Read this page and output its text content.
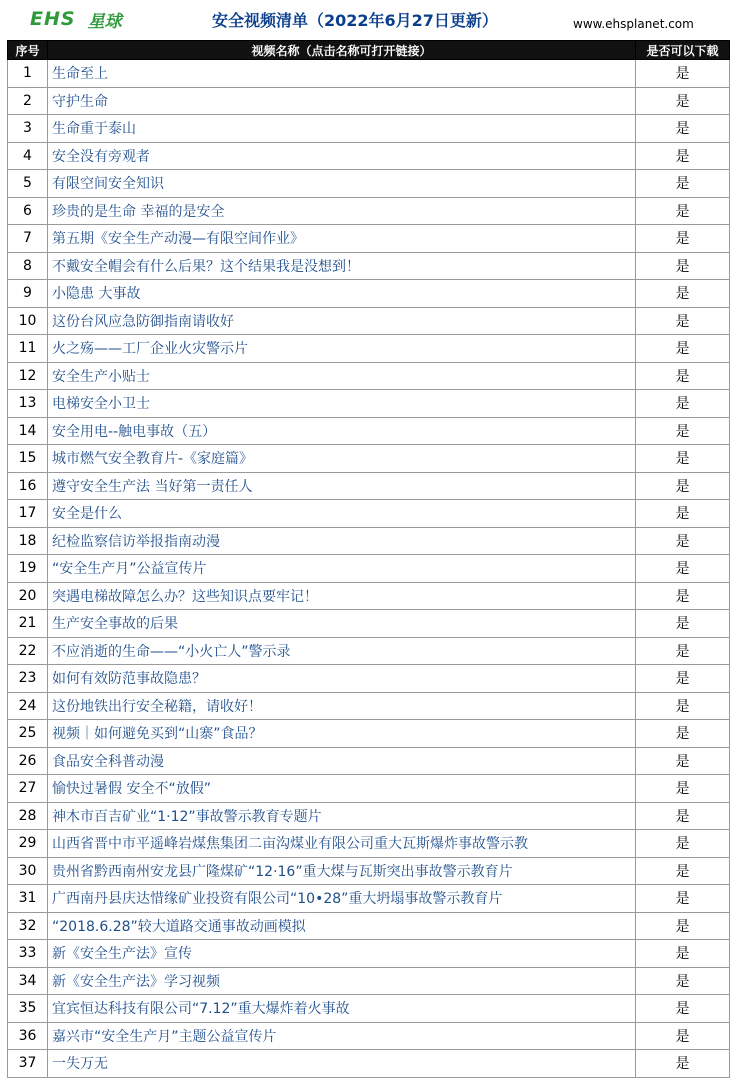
EHS 星球	安全视频清单（2022年6月27日更新）	www.ehsplanet.com
序号	视频名称（点击名称可打开链接）	是否可以下载
1	生命至上	是
2	守护生命	是
3	生命重于泰山	是
4	安全没有旁观者	是
5	有限空间安全知识	是
6	珍贵的是生命 幸福的是安全	是
7	第五期《安全生产动漫—有限空间作业》	是
8	不戴安全帽会有什么后果？这个结果我是没想到！	是
9	小隐患 大事故	是
10	这份台风应急防御指南请收好	是
11	火之殇——工厂企业火灾警示片	是
12	安全生产小贴士	是
13	电梯安全小卫士	是
14	安全用电--触电事故（五）	是
15	城市燃气安全教育片-《家庭篇》	是
16	遵守安全生产法 当好第一责任人	是
17	安全是什么	是
18	纪检监察信访举报指南动漫	是
19	“安全生产月”公益宣传片	是
20	突遇电梯故障怎么办？这些知识点要牢记！	是
21	生产安全事故的后果	是
22	不应消逝的生命——“小火亡人”警示录	是
23	如何有效防范事故隐患？	是
24	这份地铁出行安全秘籍，请收好！	是
25	视频｜如何避免买到“山寨”食品？	是
26	食品安全科普动漫	是
27	愉快过暑假 安全不“放假”	是
28	神木市百吉矿业“1·12”事故警示教育专题片	是
29	山西省晋中市平遥峰岩煤焦集团二亩沟煤业有限公司重大瓦斯爆炸事故警示教	是
30	贵州省黔西南州安龙县广隆煤矿“12·16”重大煤与瓦斯突出事故警示教育片	是
31	广西南丹县庆达惜缘矿业投资有限公司“10•28”重大坍塌事故警示教育片	是
32	“2018.6.28”较大道路交通事故动画模拟	是
33	新《安全生产法》宣传	是
34	新《安全生产法》学习视频	是
35	宜宾恒达科技有限公司“7.12”重大爆炸着火事故	是
36	嘉兴市“安全生产月”主题公益宣传片	是
37	一失万无	是
